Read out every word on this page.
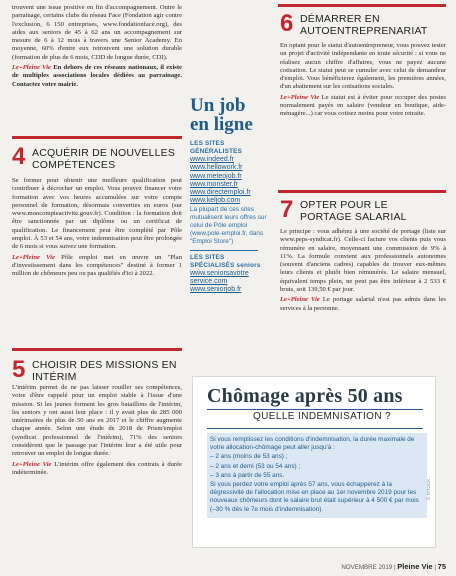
trouvent une issue positive en fin d'accompagnement. Outre le parrainage, certains clubs du réseau Face (Fondation agir contre l'exclusion, 6 150 entreprises, www.fondationface.org), des aides aux seniors de 45 à 62 ans un accompagnement sur mesure de 6 à 12 mois à travers une Senior Academy. En moyenne, 60% d'entre eux retrouvent une solution durable (formation de plus de 6 mois, CDD de longue durée, CDI).

Le+Pleine Vie En dehors de ces réseaux nationaux, il existe de multiples associations locales dédiées au parrainage. Contactez votre mairie.

4 ACQUÉRIR DE NOUVELLES COMPÉTENCES

Se former pour obtenir une meilleure qualification peut contribuer à décrocher un emploi. Vous pouvez financer votre formation avec vos heures accumulées sur votre compte personnel de formation, désormais converties en euros (sur www.moncompteactivite.gouv.fr). Condition : la formation doit être sanctionnée par un diplôme ou un certificat de qualification. Le financement peut être complété par Pôle emploi. À 53 et 54 ans, votre indemnisation peut être prolongée de 6 mois si vous suivez une formation.

Le+Pleine Vie Pôle emploi met en œuvre un "Plan d'investissement dans les compétences" destiné à former 1 million de chômeurs peu ou pas qualifiés d'ici à 2022.

5 CHOISIR DES MISSIONS EN INTÉRIM

L'intérim permet de ne pas laisser rouiller ses compétences, voire d'être rappelé pour un emploi stable à l'issue d'une mission. Si les jeunes forment les gros bataillons de l'intérim, les seniors y ont aussi leur place : il y avait plus de 285 000 intérimaires de plus de 50 ans en 2017 et le chiffre augmente chaque année. Selon une étude de 2018 de Prism'emploi (syndicat professionnel de l'intérim), 71% des seniors considèrent que le passage par l'intérim leur a été utile pour retrouver un emploi de longue durée.

Le+Pleine Vie L'intérim offre également des contrats à durée indéterminée.

Un job
en ligne
LES SITES GÉNÉRALISTES
www.indeed.fr
www.hellowork.fr
www.meteojob.fr
www.monster.fr
www.directemploi.fr
www.keljob.com
La plupart de ces sites mutualisent leurs offres sur celui de Pôle emploi (www.pole-emploi.fr, dans "Emploi Store")
LES SITES SPÉCIALISÉS seniors
www.seniorsavotre
service.com
www.seniorjob.fr
6 DÉMARRER EN AUTOENTREPRENARIAT

En optant pour le statut d'autoentrepreneur, vous pouvez tester un projet d'activité indépendante en toute sécurité : si vous ne réalisez aucun chiffre d'affaires, vous ne payez aucune cotisation. Le statut peut se cumuler avec celui de demandeur d'emploi. Vous bénéficierez également, les premières années, d'un abattement sur les cotisations sociales.

Le+Pleine Vie Le statut est à éviter pour occuper des postes normalement payés en salaire (vendeur en boutique, aide-ménagère...) car vous cotisez moins pour votre retraite.

7 OPTER POUR LE PORTAGE SALARIAL

Le principe : vous adhérez à une société de portage (liste sur www.peps-syndicat.fr). Celle-ci facture vos clients puis vous rémunère en salaire, moyennant une commission de 9% à 11%. La formule convient aux professionnels autonomes (souvent d'anciens cadres) capables de trouver eux-mêmes leurs clients et plutôt bien rémunérés. Le salaire mensuel, équivalent temps plein, ne peut pas être inférieur à 2 533 € bruts, soit 139,50 € par jour.

Le+Pleine Vie Le portage salarial n'est pas admis dans les services à la personne.

Chômage après 50 ans
QUELLE INDEMNISATION ?

Si vous remplissez les conditions d'indemnisation, la durée maximale de votre allocation-chômage peut aller jusqu'à :

– 2 ans (moins de 53 ans) ;

– 2 ans et demi (53 ou 54 ans) ;

– 3 ans à partir de 55 ans.

Si vous perdez votre emploi après 57 ans, vous échapperez à la dégressivité de l'allocation mise en place au 1er novembre 2019 pour les nouveaux chômeurs dont le salaire brut était supérieur à 4 500 € par mois (–30 % dès le 7e mois d'indemnisation).

© ISTOCK
NOVEMBRE 2019 | Pleine Vie | 75
